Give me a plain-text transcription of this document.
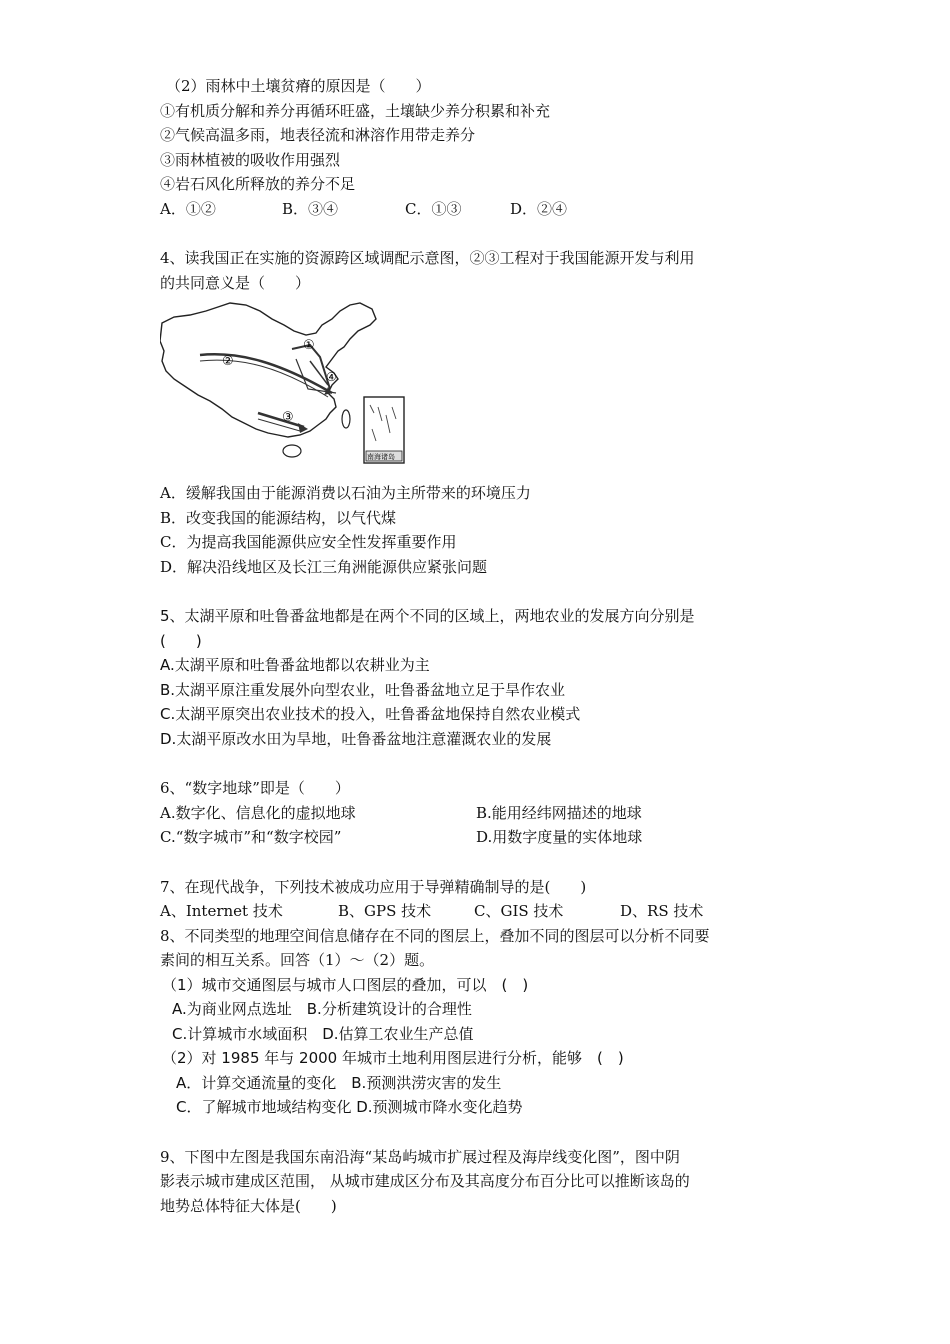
（2）雨林中土壤贫瘠的原因是（　　）
①有机质分解和养分再循环旺盛，土壤缺少养分积累和补充
②气候高温多雨，地表径流和淋溶作用带走养分
③雨林植被的吸收作用强烈
④岩石风化所释放的养分不足
A．①②	B．③④	C．①③	D．②④
4、读我国正在实施的资源跨区域调配示意图，②③工程对于我国能源开发与利用
的共同意义是（　　）
①
②
③
④
南海诸岛
A．缓解我国由于能源消费以石油为主所带来的环境压力
B．改变我国的能源结构，以气代煤
C．为提高我国能源供应安全性发挥重要作用
D．解决沿线地区及长江三角洲能源供应紧张问题
5、太湖平原和吐鲁番盆地都是在两个不同的区域上，两地农业的发展方向分别是
(　　)
A.太湖平原和吐鲁番盆地都以农耕业为主
B.太湖平原注重发展外向型农业，吐鲁番盆地立足于旱作农业
C.太湖平原突出农业技术的投入，吐鲁番盆地保持自然农业模式
D.太湖平原改水田为旱地，吐鲁番盆地注意灌溉农业的发展
6、“数字地球”即是（　　）
A.数字化、信息化的虚拟地球	B.能用经纬网描述的地球
C.“数字城市”和“数字校园”	D.用数字度量的实体地球
7、在现代战争，下列技术被成功应用于导弹精确制导的是(　　)
A、Internet 技术	B、GPS 技术	C、GIS 技术	D、RS 技术
8、不同类型的地理空间信息储存在不同的图层上，叠加不同的图层可以分析不同要
素间的相互关系。回答（1）～（2）题。
（1）城市交通图层与城市人口图层的叠加，可以　(　)
A.为商业网点选址　B.分析建筑设计的合理性
C.计算城市水域面积　D.估算工农业生产总值
（2）对 1985 年与 2000 年城市土地利用图层进行分析，能够　(　)
A．计算交通流量的变化　B.预测洪涝灾害的发生
C．了解城市地域结构变化 D.预测城市降水变化趋势
9、下图中左图是我国东南沿海“某岛屿城市扩展过程及海岸线变化图”，图中阴
影表示城市建成区范围， 从城市建成区分布及其高度分布百分比可以推断该岛的
地势总体特征大体是(　　)
